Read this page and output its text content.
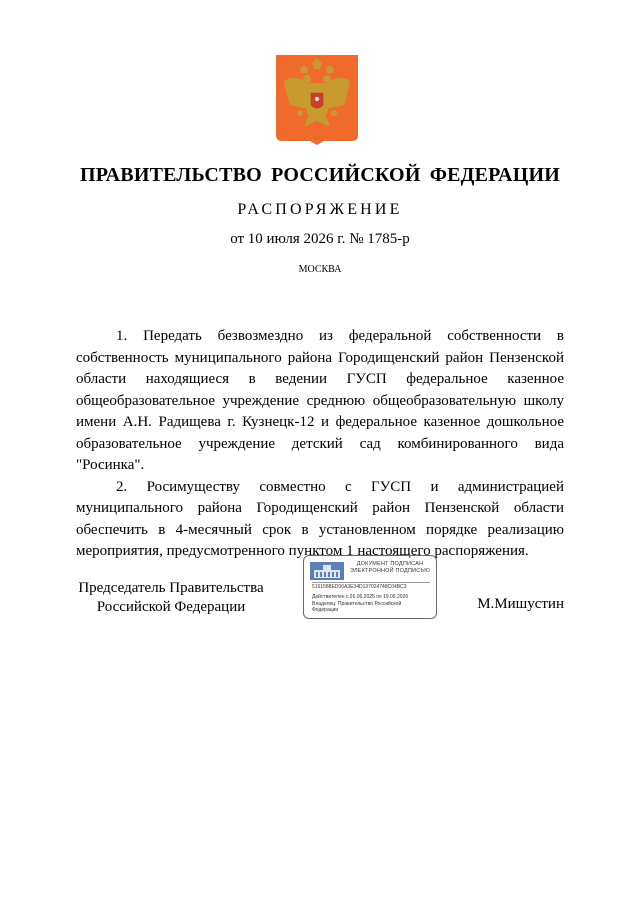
ПРАВИТЕЛЬСТВО РОССИЙСКОЙ ФЕДЕРАЦИИ
РАСПОРЯЖЕНИЕ
от 10 июля 2026 г. № 1785-р
МОСКВА

1. Передать безвозмездно из федеральной собственности в собственность муниципального района Городищенский район Пензенской области находящиеся в ведении ГУСП федеральное казенное общеобразовательное учреждение среднюю общеобразовательную школу имени А.Н. Радищева г. Кузнецк-12 и федеральное казенное дошкольное образовательное учреждение детский сад комбинированного вида "Росинка".

2. Росимуществу совместно с ГУСП и администрацией муниципального района Городищенский район Пензенской области обеспечить в 4-месячный срок в установленном порядке реализацию мероприятия, предусмотренного пунктом 1 настоящего распоряжения.

Председатель Правительства Российской Федерации
ДОКУМЕНТ ПОДПИСАН ЭЛЕКТРОННОЙ ПОДПИСЬЮ
5161588ED06A3E34D137024748C04BC3
Действителен с 26.06.2025 по 19.09.2026
Владелец: Правительство Российской Федерации	М.Мишустин
